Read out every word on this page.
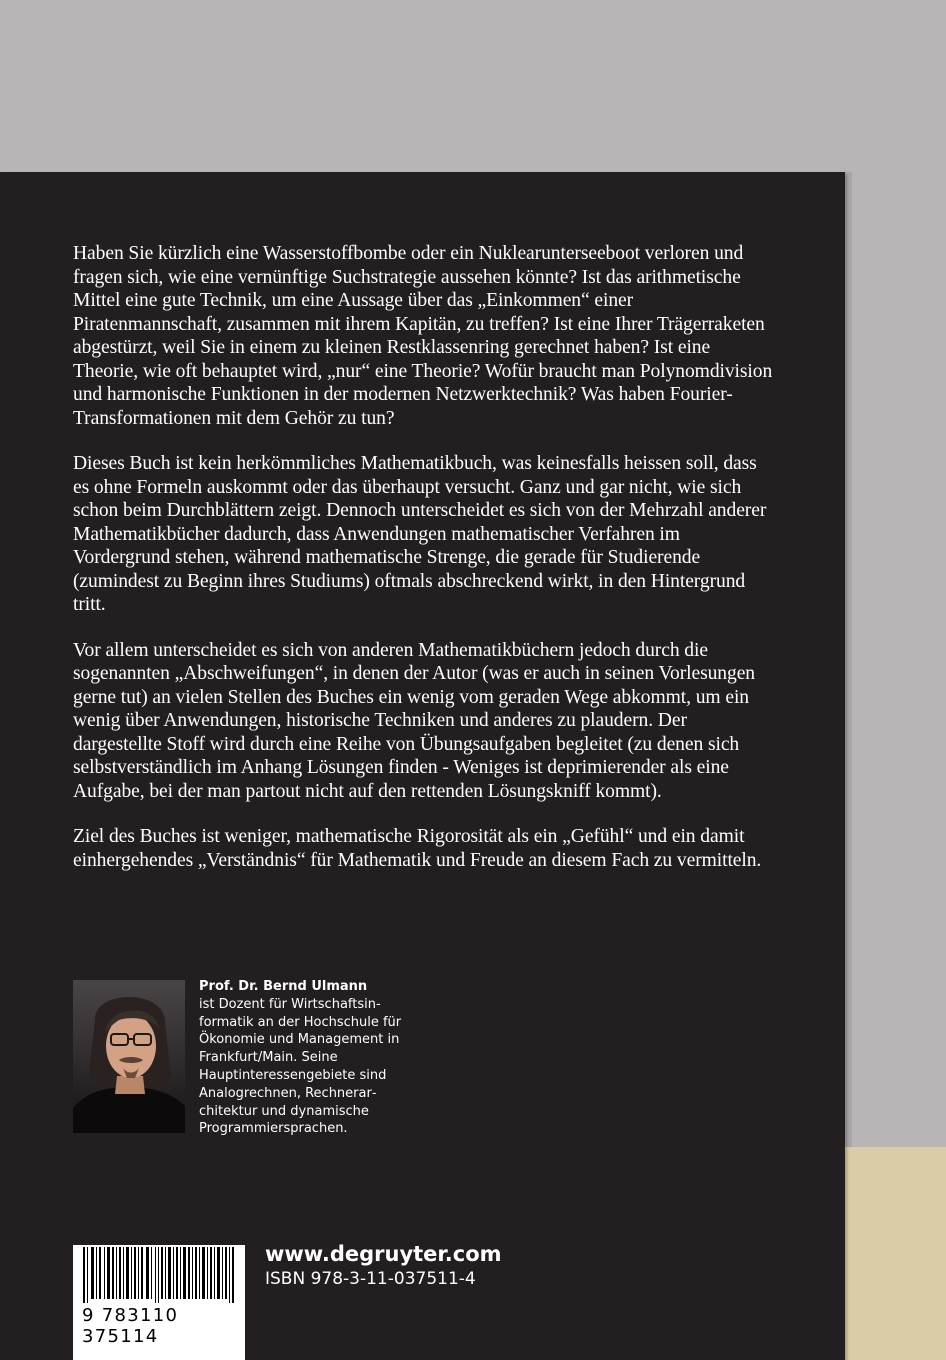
Haben Sie kürzlich eine Wasserstoffbombe oder ein Nuklearunterseeboot verloren und fragen sich, wie eine vernünftige Suchstrategie aussehen könnte? Ist das arithmetische Mittel eine gute Technik, um eine Aussage über das „Einkommen“ einer Piratenmannschaft, zusammen mit ihrem Kapitän, zu treffen? Ist eine Ihrer Trägerraketen abgestürzt, weil Sie in einem zu kleinen Restklassenring gerechnet haben? Ist eine Theorie, wie oft behauptet wird, „nur“ eine Theorie? Wofür braucht man Polynomdivision und harmonische Funktionen in der modernen Netzwerktechnik? Was haben Fourier-Transformationen mit dem Gehör zu tun?

Dieses Buch ist kein herkömmliches Mathematikbuch, was keinesfalls heissen soll, dass es ohne Formeln auskommt oder das überhaupt versucht. Ganz und gar nicht, wie sich schon beim Durchblättern zeigt. Dennoch unterscheidet es sich von der Mehrzahl anderer Mathematikbücher dadurch, dass Anwendungen mathematischer Verfahren im Vordergrund stehen, während mathematische Strenge, die gerade für Studierende (zumindest zu Beginn ihres Studiums) oftmals abschreckend wirkt, in den Hintergrund tritt.

Vor allem unterscheidet es sich von anderen Mathematikbüchern jedoch durch die sogenannten „Abschweifungen“, in denen der Autor (was er auch in seinen Vorlesungen gerne tut) an vielen Stellen des Buches ein wenig vom geraden Wege abkommt, um ein wenig über Anwendungen, historische Techniken und anderes zu plaudern. Der dargestellte Stoff wird durch eine Reihe von Übungsaufgaben begleitet (zu denen sich selbstverständlich im Anhang Lösungen finden - Weniges ist deprimierender als eine Aufgabe, bei der man partout nicht auf den rettenden Lösungskniff kommt).

Ziel des Buches ist weniger, mathematische Rigorosität als ein „Gefühl“ und ein damit einhergehendes „Verständnis“ für Mathematik und Freude an diesem Fach zu vermitteln.

Prof. Dr. Bernd Ulmann
ist Dozent für Wirtschaftsinformatik an der Hochschule für Ökonomie und Management in Frankfurt/Main. Seine Hauptinteressengebiete sind Analogrechnen, Rechnerarchitektur und dynamische Programmiersprachen.
9 783110 375114
www.degruyter.com
ISBN 978-3-11-037511-4
